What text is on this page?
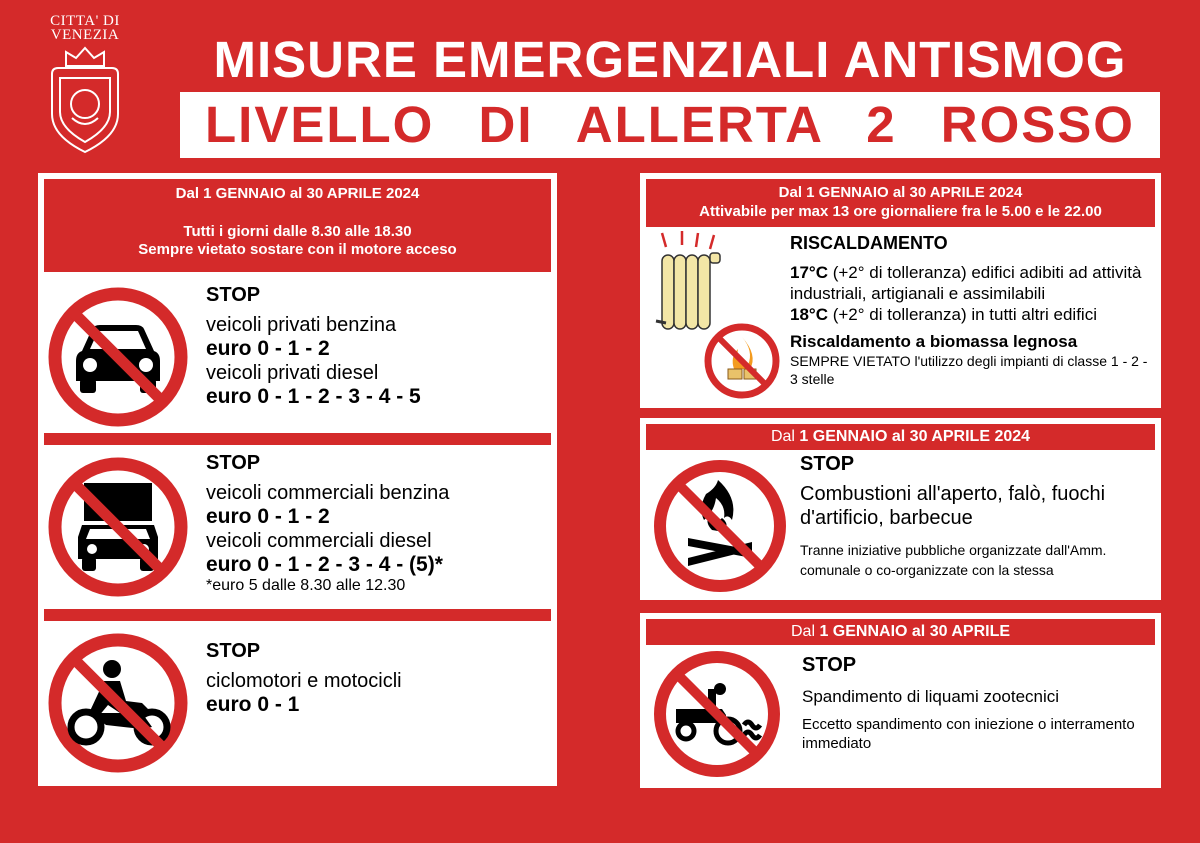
CITTA' DI
VENEZIA	MISURE EMERGENZIALI ANTISMOG
LIVELLO DI ALLERTA 2 ROSSO
Dal 1 GENNAIO al 30 APRILE 2024
Tutti i giorni dalle 8.30 alle 18.30
Sempre vietato sostare con il motore acceso
STOP
veicoli privati benzina
euro 0 - 1 - 2
veicoli privati diesel
euro 0 - 1 - 2 - 3 - 4 - 5
STOP
veicoli commerciali benzina
euro 0 - 1 - 2
veicoli commerciali diesel
euro 0 - 1 - 2 - 3 - 4 - (5)*
*euro 5 dalle 8.30 alle 12.30
STOP
ciclomotori e motocicli
euro 0 - 1
Dal 1 GENNAIO al 30 APRILE 2024
Attivabile per max 13 ore giornaliere fra le 5.00 e le 22.00
RISCALDAMENTO
17°C (+2° di tolleranza) edifici adibiti ad attività industriali, artigianali e assimilabili
18°C (+2° di tolleranza) in tutti altri edifici
Riscaldamento a biomassa legnosa
SEMPRE VIETATO l'utilizzo degli impianti di classe 1 - 2 - 3 stelle
Dal 1 GENNAIO al 30 APRILE 2024
STOP
Combustioni all'aperto, falò, fuochi d'artificio, barbecue
Tranne iniziative pubbliche organizzate dall'Amm. comunale o co-organizzate con la stessa
Dal 1 GENNAIO al 30 APRILE
STOP
Spandimento di liquami zootecnici
Eccetto spandimento con iniezione o interramento immediato
